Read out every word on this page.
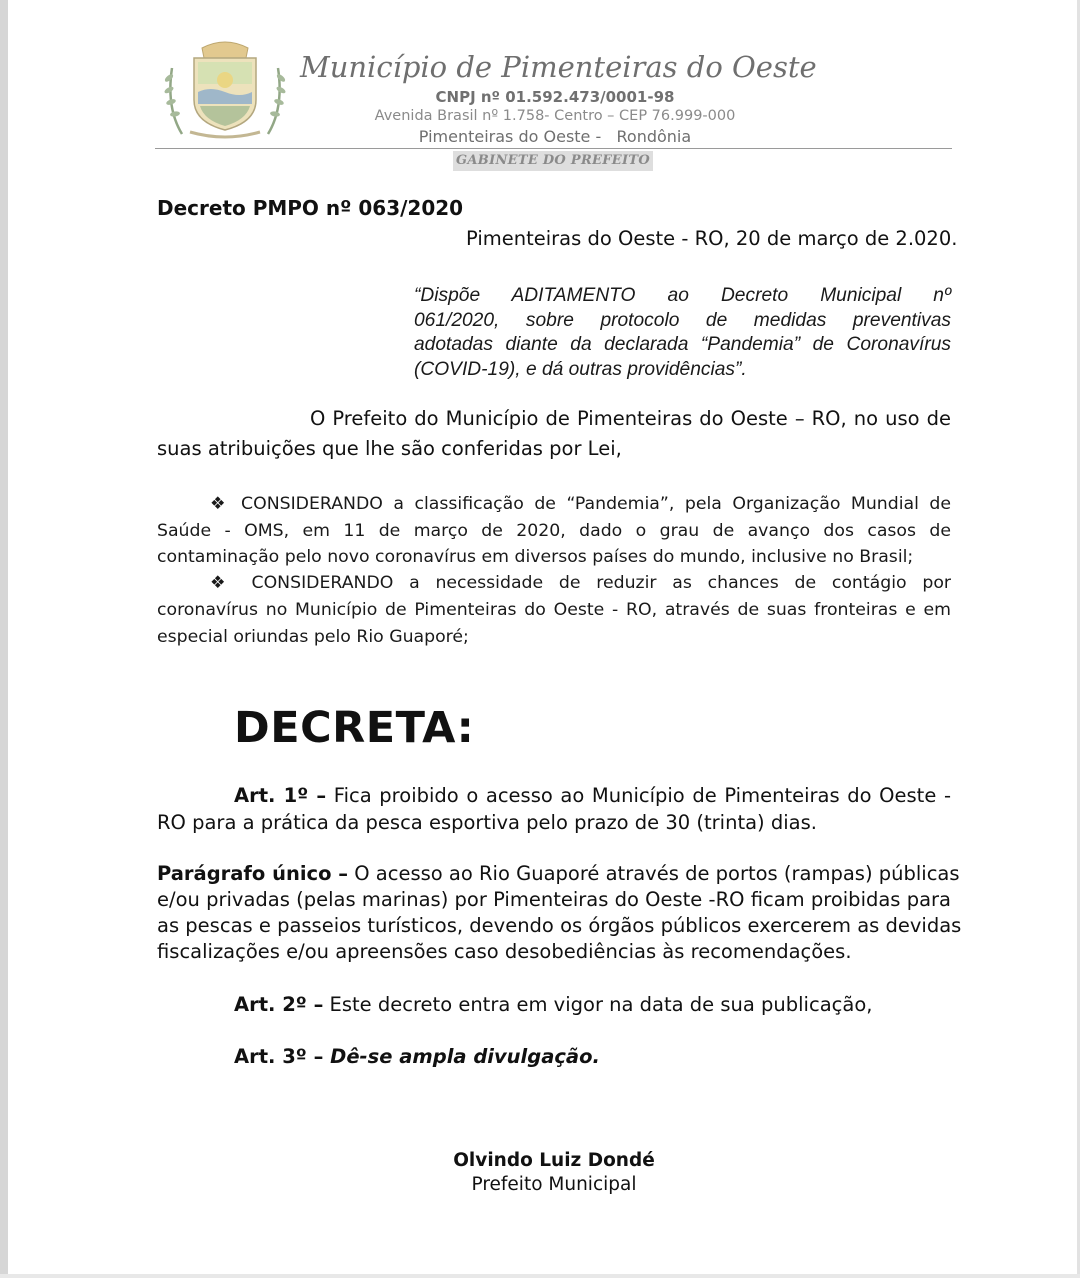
Município de Pimenteiras do Oeste
CNPJ nº 01.592.473/0001-98
Avenida Brasil nº 1.758- Centro – CEP 76.999-000
Pimenteiras do Oeste -   Rondônia
GABINETE DO PREFEITO
Decreto PMPO nº 063/2020
Pimenteiras do Oeste - RO, 20 de março de 2.020.
“Dispõe ADITAMENTO ao Decreto Municipal nº
061/2020, sobre protocolo de medidas preventivas
adotadas diante da declarada “Pandemia” de Coronavírus
(COVID-19), e dá outras providências”.
O Prefeito do Município de Pimenteiras do Oeste – RO, no uso de
suas atribuições que lhe são conferidas por Lei,
❖ CONSIDERANDO a classificação de “Pandemia”, pela Organização Mundial de
Saúde - OMS, em 11 de março de 2020, dado o grau de avanço dos casos de
contaminação pelo novo coronavírus em diversos países do mundo, inclusive no Brasil;
❖ CONSIDERANDO a necessidade de reduzir as chances de contágio por
coronavírus no Município de Pimenteiras do Oeste - RO, através de suas fronteiras e em
especial oriundas pelo Rio Guaporé;
DECRETA:
Art. 1º – Fica proibido o acesso ao Município de Pimenteiras do Oeste -
RO para a prática da pesca esportiva pelo prazo de 30 (trinta) dias.
Parágrafo único – O acesso ao Rio Guaporé através de portos (rampas) públicas
e/ou privadas (pelas marinas) por Pimenteiras do Oeste -RO ficam proibidas para
as pescas e passeios turísticos, devendo os órgãos públicos exercerem as devidas
fiscalizações e/ou apreensões caso desobediências às recomendações.
Art. 2º – Este decreto entra em vigor na data de sua publicação,
Art. 3º – Dê-se ampla divulgação.
Olvindo Luiz Dondé
Prefeito Municipal
